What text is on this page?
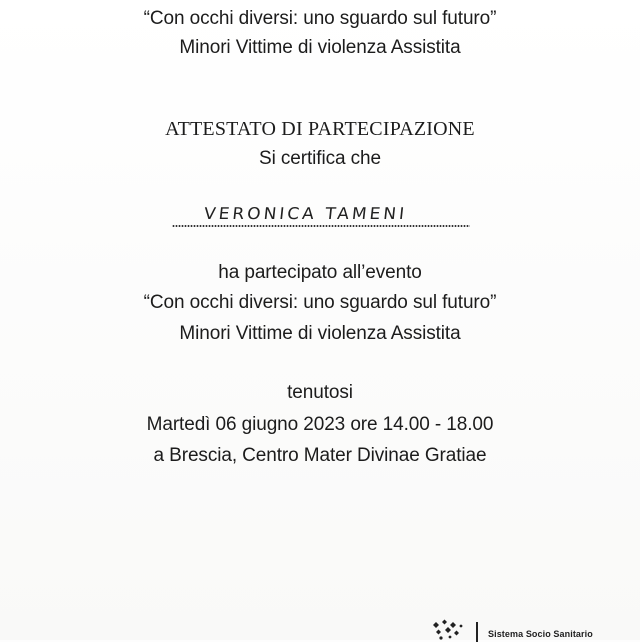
“Con occhi diversi: uno sguardo sul futuro”
Minori Vittime di violenza Assistita
ATTESTATO DI PARTECIPAZIONE
Si certifica che
VERONICA TAMENI
ha partecipato all’evento
“Con occhi diversi: uno sguardo sul futuro”
Minori Vittime di violenza Assistita
tenutosi
Martedì 06 giugno 2023 ore 14.00 - 18.00
a Brescia, Centro Mater Divinae Gratiae
Sistema Socio Sanitario
